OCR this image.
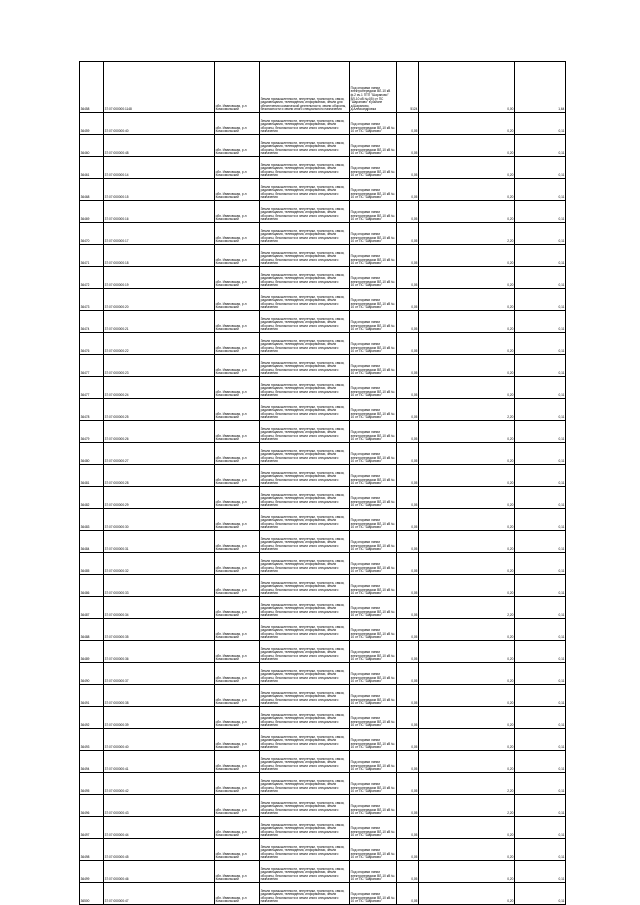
36458	37:07:000000:1148	обл. Ивановская, р-н Комсомольский	Земли промышленности, энергетики, транспорта, связи, радиовещания, телевидения, информатики, земли для обеспечения космической деятельности, земли обороны, безопасности и земли иного специального назначения	Под опорами линии электропередачи ВЛ-10 кВ ф.2 яч.1 ПТП "Шарапово" ВЛ-10 кВ №4(5) от ПС "Шарапово" в районе д.Шарапово, д.Александровка	5124	0,00	1,64
36459	37:07:000000:40	обл. Ивановская, р-н Комсомольский	Земли промышленности, энергетики, транспорта, связи, радиовещания, телевидения, информатики, земли обороны, безопасности и земли иного специального назначения	Под опорами линии электропередачи ВЛ-10 кВ № 10 от ПС "Шарапово"	0,05	0,20	0,11
36460	37:07:000000:48	обл. Ивановская, р-н Комсомольский	Земли промышленности, энергетики, транспорта, связи, радиовещания, телевидения, информатики, земли обороны, безопасности и земли иного специального назначения	Под опорами линии электропередачи ВЛ-10 кВ № 10 от ПС "Шарапово"	0,05	0,20	0,11
36461	37:07:000000:14	обл. Ивановская, р-н Комсомольский	Земли промышленности, энергетики, транспорта, связи, радиовещания, телевидения, информатики, земли обороны, безопасности и земли иного специального назначения	Под опорами линии электропередачи ВЛ-10 кВ № 10 от ПС "Шарапово"	0,05	0,20	0,11
36468	37:07:000000:15	обл. Ивановская, р-н Комсомольский	Земли промышленности, энергетики, транспорта, связи, радиовещания, телевидения, информатики, земли обороны, безопасности и земли иного специального назначения	Под опорами линии электропередачи ВЛ-10 кВ № 10 от ПС "Шарапово"	0,05	0,20	0,11
36469	37:07:000000:16	обл. Ивановская, р-н Комсомольский	Земли промышленности, энергетики, транспорта, связи, радиовещания, телевидения, информатики, земли обороны, безопасности и земли иного специального назначения	Под опорами линии электропередачи ВЛ-10 кВ № 10 от ПС "Шарапово"	0,05	0,20	0,11
36470	37:07:000000:17	обл. Ивановская, р-н Комсомольский	Земли промышленности, энергетики, транспорта, связи, радиовещания, телевидения, информатики, земли обороны, безопасности и земли иного специального назначения	Под опорами линии электропередачи ВЛ-10 кВ № 10 от ПС "Шарапово"	0,05	2,20	0,11
36471	37:07:000000:18	обл. Ивановская, р-н Комсомольский	Земли промышленности, энергетики, транспорта, связи, радиовещания, телевидения, информатики, земли обороны, безопасности и земли иного специального назначения	Под опорами линии электропередачи ВЛ-10 кВ № 10 от ПС "Шарапово"	0,05	0,20	0,11
36472	37:07:000000:19	обл. Ивановская, р-н Комсомольский	Земли промышленности, энергетики, транспорта, связи, радиовещания, телевидения, информатики, земли обороны, безопасности и земли иного специального назначения	Под опорами линии электропередачи ВЛ-10 кВ № 10 от ПС "Шарапово"	0,05	0,20	0,11
36473	37:07:000000:20	обл. Ивановская, р-н Комсомольский	Земли промышленности, энергетики, транспорта, связи, радиовещания, телевидения, информатики, земли обороны, безопасности и земли иного специального назначения	Под опорами линии электропередачи ВЛ-10 кВ № 10 от ПС "Шарапово"	0,05	0,20	0,11
36474	37:07:000000:21	обл. Ивановская, р-н Комсомольский	Земли промышленности, энергетики, транспорта, связи, радиовещания, телевидения, информатики, земли обороны, безопасности и земли иного специального назначения	Под опорами линии электропередачи ВЛ-10 кВ № 10 от ПС "Шарапово"	0,05	0,20	0,11
36476	37:07:000000:22	обл. Ивановская, р-н Комсомольский	Земли промышленности, энергетики, транспорта, связи, радиовещания, телевидения, информатики, земли обороны, безопасности и земли иного специального назначения	Под опорами линии электропередачи ВЛ-10 кВ № 10 от ПС "Шарапово"	0,05	0,20	0,11
36477	37:07:000000:23	обл. Ивановская, р-н Комсомольский	Земли промышленности, энергетики, транспорта, связи, радиовещания, телевидения, информатики, земли обороны, безопасности и земли иного специального назначения	Под опорами линии электропередачи ВЛ-10 кВ № 10 от ПС "Шарапово"	0,05	0,20	0,11
36477	37:07:000000:24	обл. Ивановская, р-н Комсомольский	Земли промышленности, энергетики, транспорта, связи, радиовещания, телевидения, информатики, земли обороны, безопасности и земли иного специального назначения	Под опорами линии электропередачи ВЛ-10 кВ № 10 от ПС "Шарапово"	0,05	0,20	0,11
36478	37:07:000000:25	обл. Ивановская, р-н Комсомольский	Земли промышленности, энергетики, транспорта, связи, радиовещания, телевидения, информатики, земли обороны, безопасности и земли иного специального назначения	Под опорами линии электропередачи ВЛ-10 кВ № 10 от ПС "Шарапово"	0,05	2,20	0,11
36479	37:07:000000:26	обл. Ивановская, р-н Комсомольский	Земли промышленности, энергетики, транспорта, связи, радиовещания, телевидения, информатики, земли обороны, безопасности и земли иного специального назначения	Под опорами линии электропередачи ВЛ-10 кВ № 10 от ПС "Шарапово"	0,05	0,20	0,11
36480	37:07:000000:27	обл. Ивановская, р-н Комсомольский	Земли промышленности, энергетики, транспорта, связи, радиовещания, телевидения, информатики, земли обороны, безопасности и земли иного специального назначения	Под опорами линии электропередачи ВЛ-10 кВ № 10 от ПС "Шарапово"	0,05	0,20	0,11
36481	37:07:000000:28	обл. Ивановская, р-н Комсомольский	Земли промышленности, энергетики, транспорта, связи, радиовещания, телевидения, информатики, земли обороны, безопасности и земли иного специального назначения	Под опорами линии электропередачи ВЛ-10 кВ № 10 от ПС "Шарапово"	0,05	0,20	0,11
36482	37:07:000000:29	обл. Ивановская, р-н Комсомольский	Земли промышленности, энергетики, транспорта, связи, радиовещания, телевидения, информатики, земли обороны, безопасности и земли иного специального назначения	Под опорами линии электропередачи ВЛ-10 кВ № 10 от ПС "Шарапово"	0,05	0,20	0,11
36483	37:07:000000:30	обл. Ивановская, р-н Комсомольский	Земли промышленности, энергетики, транспорта, связи, радиовещания, телевидения, информатики, земли обороны, безопасности и земли иного специального назначения	Под опорами линии электропередачи ВЛ-10 кВ № 10 от ПС "Шарапово"	0,05	0,20	0,11
36484	37:07:000000:31	обл. Ивановская, р-н Комсомольский	Земли промышленности, энергетики, транспорта, связи, радиовещания, телевидения, информатики, земли обороны, безопасности и земли иного специального назначения	Под опорами линии электропередачи ВЛ-10 кВ № 10 от ПС "Шарапово"	0,05	0,20	0,11
36485	37:07:000000:32	обл. Ивановская, р-н Комсомольский	Земли промышленности, энергетики, транспорта, связи, радиовещания, телевидения, информатики, земли обороны, безопасности и земли иного специального назначения	Под опорами линии электропередачи ВЛ-10 кВ № 10 от ПС "Шарапово"	0,05	0,20	0,11
36486	37:07:000000:33	обл. Ивановская, р-н Комсомольский	Земли промышленности, энергетики, транспорта, связи, радиовещания, телевидения, информатики, земли обороны, безопасности и земли иного специального назначения	Под опорами линии электропередачи ВЛ-10 кВ № 10 от ПС "Шарапово"	0,05	0,20	0,11
36487	37:07:000000:34	обл. Ивановская, р-н Комсомольский	Земли промышленности, энергетики, транспорта, связи, радиовещания, телевидения, информатики, земли обороны, безопасности и земли иного специального назначения	Под опорами линии электропередачи ВЛ-10 кВ № 10 от ПС "Шарапово"	0,05	2,20	0,11
36488	37:07:000000:35	обл. Ивановская, р-н Комсомольский	Земли промышленности, энергетики, транспорта, связи, радиовещания, телевидения, информатики, земли обороны, безопасности и земли иного специального назначения	Под опорами линии электропередачи ВЛ-10 кВ № 10 от ПС "Шарапово"	0,05	0,20	0,11
36489	37:07:000000:36	обл. Ивановская, р-н Комсомольский	Земли промышленности, энергетики, транспорта, связи, радиовещания, телевидения, информатики, земли обороны, безопасности и земли иного специального назначения	Под опорами линии электропередачи ВЛ-10 кВ № 10 от ПС "Шарапово"	0,05	0,20	0,11
36490	37:07:000000:37	обл. Ивановская, р-н Комсомольский	Земли промышленности, энергетики, транспорта, связи, радиовещания, телевидения, информатики, земли обороны, безопасности и земли иного специального назначения	Под опорами линии электропередачи ВЛ-10 кВ № 10 от ПС "Шарапово"	0,05	0,20	0,11
36491	37:07:000000:38	обл. Ивановская, р-н Комсомольский	Земли промышленности, энергетики, транспорта, связи, радиовещания, телевидения, информатики, земли обороны, безопасности и земли иного специального назначения	Под опорами линии электропередачи ВЛ-10 кВ № 10 от ПС "Шарапово"	0,05	0,20	0,11
36492	37:07:000000:39	обл. Ивановская, р-н Комсомольский	Земли промышленности, энергетики, транспорта, связи, радиовещания, телевидения, информатики, земли обороны, безопасности и земли иного специального назначения	Под опорами линии электропередачи ВЛ-10 кВ № 10 от ПС "Шарапово"	0,05	0,20	0,11
36493	37:07:000000:40	обл. Ивановская, р-н Комсомольский	Земли промышленности, энергетики, транспорта, связи, радиовещания, телевидения, информатики, земли обороны, безопасности и земли иного специального назначения	Под опорами линии электропередачи ВЛ-10 кВ № 10 от ПС "Шарапово"	0,05	0,20	0,11
36494	37:07:000000:41	обл. Ивановская, р-н Комсомольский	Земли промышленности, энергетики, транспорта, связи, радиовещания, телевидения, информатики, земли обороны, безопасности и земли иного специального назначения	Под опорами линии электропередачи ВЛ-10 кВ № 10 от ПС "Шарапово"	0,05	0,20	0,11
36495	37:07:000000:42	обл. Ивановская, р-н Комсомольский	Земли промышленности, энергетики, транспорта, связи, радиовещания, телевидения, информатики, земли обороны, безопасности и земли иного специального назначения	Под опорами линии электропередачи ВЛ-10 кВ № 10 от ПС "Шарапово"	0,05	2,20	0,11
36496	37:07:000000:43	обл. Ивановская, р-н Комсомольский	Земли промышленности, энергетики, транспорта, связи, радиовещания, телевидения, информатики, земли обороны, безопасности и земли иного специального назначения	Под опорами линии электропередачи ВЛ-10 кВ № 10 от ПС "Шарапово"	0,05	2,20	0,11
36497	37:07:000000:44	обл. Ивановская, р-н Комсомольский	Земли промышленности, энергетики, транспорта, связи, радиовещания, телевидения, информатики, земли обороны, безопасности и земли иного специального назначения	Под опорами линии электропередачи ВЛ-10 кВ № 10 от ПС "Шарапово"	0,05	0,20	0,11
36498	37:07:000000:45	обл. Ивановская, р-н Комсомольский	Земли промышленности, энергетики, транспорта, связи, радиовещания, телевидения, информатики, земли обороны, безопасности и земли иного специального назначения	Под опорами линии электропередачи ВЛ-10 кВ № 10 от ПС "Шарапово"	0,05	0,20	0,11
36499	37:07:000000:46	обл. Ивановская, р-н Комсомольский	Земли промышленности, энергетики, транспорта, связи, радиовещания, телевидения, информатики, земли обороны, безопасности и земли иного специального назначения	Под опорами линии электропередачи ВЛ-10 кВ № 10 от ПС "Шарапово"	0,05	0,20	0,11
36500	37:07:000000:47	обл. Ивановская, р-н Комсомольский	Земли промышленности, энергетики, транспорта, связи, радиовещания, телевидения, информатики, земли обороны, безопасности и земли иного специального назначения	Под опорами линии электропередачи ВЛ-10 кВ № 10 от ПС "Шарапово"	0,05	0,20	0,11
